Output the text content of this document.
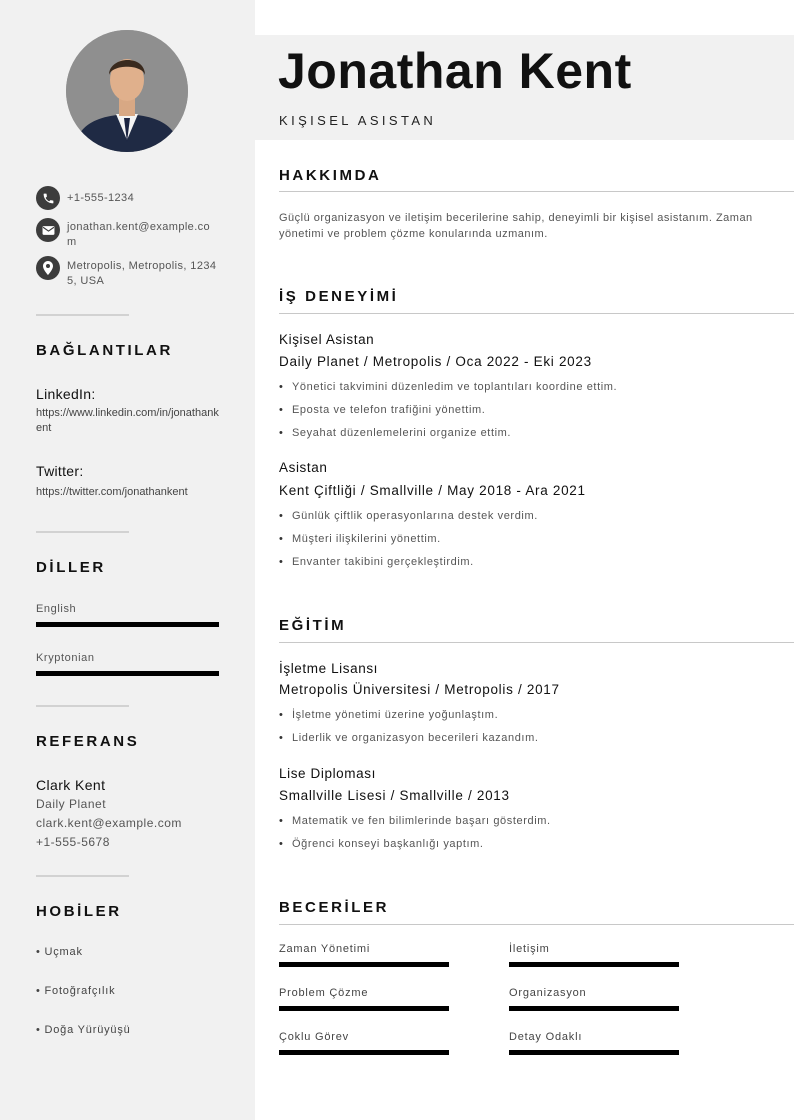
+1-555-1234
jonathan.kent@example.com
Metropolis, Metropolis, 12345, USA
BAĞLANTILAR
LinkedIn:
https://www.linkedin.com/in/jonathankent
Twitter:
https://twitter.com/jonathankent
DİLLER
English
Kryptonian
REFERANS
Clark Kent
Daily Planet
clark.kent@example.com
+1-555-5678
HOBİLER
• Uçmak
• Fotoğrafçılık
• Doğa Yürüyüşü
Jonathan Kent
KIŞISEL ASISTAN
HAKKIMDA
Güçlü organizasyon ve iletişim becerilerine sahip, deneyimli bir kişisel asistanım. Zaman yönetimi ve problem çözme konularında uzmanım.
İŞ DENEYİMİ
Kişisel Asistan
Daily Planet / Metropolis / Oca 2022 - Eki 2023
• Yönetici takvimini düzenledim ve toplantıları koordine ettim.
• Eposta ve telefon trafiğini yönettim.
• Seyahat düzenlemelerini organize ettim.
Asistan
Kent Çiftliği / Smallville / May 2018 - Ara 2021
• Günlük çiftlik operasyonlarına destek verdim.
• Müşteri ilişkilerini yönettim.
• Envanter takibini gerçekleştirdim.
EĞİTİM
İşletme Lisansı
Metropolis Üniversitesi / Metropolis / 2017
• İşletme yönetimi üzerine yoğunlaştım.
• Liderlik ve organizasyon becerileri kazandım.
Lise Diploması
Smallville Lisesi / Smallville / 2013
• Matematik ve fen bilimlerinde başarı gösterdim.
• Öğrenci konseyi başkanlığı yaptım.
BECERİLER
Zaman Yönetimi	İletişim
Problem Çözme	Organizasyon
Çoklu Görev	Detay Odaklı
